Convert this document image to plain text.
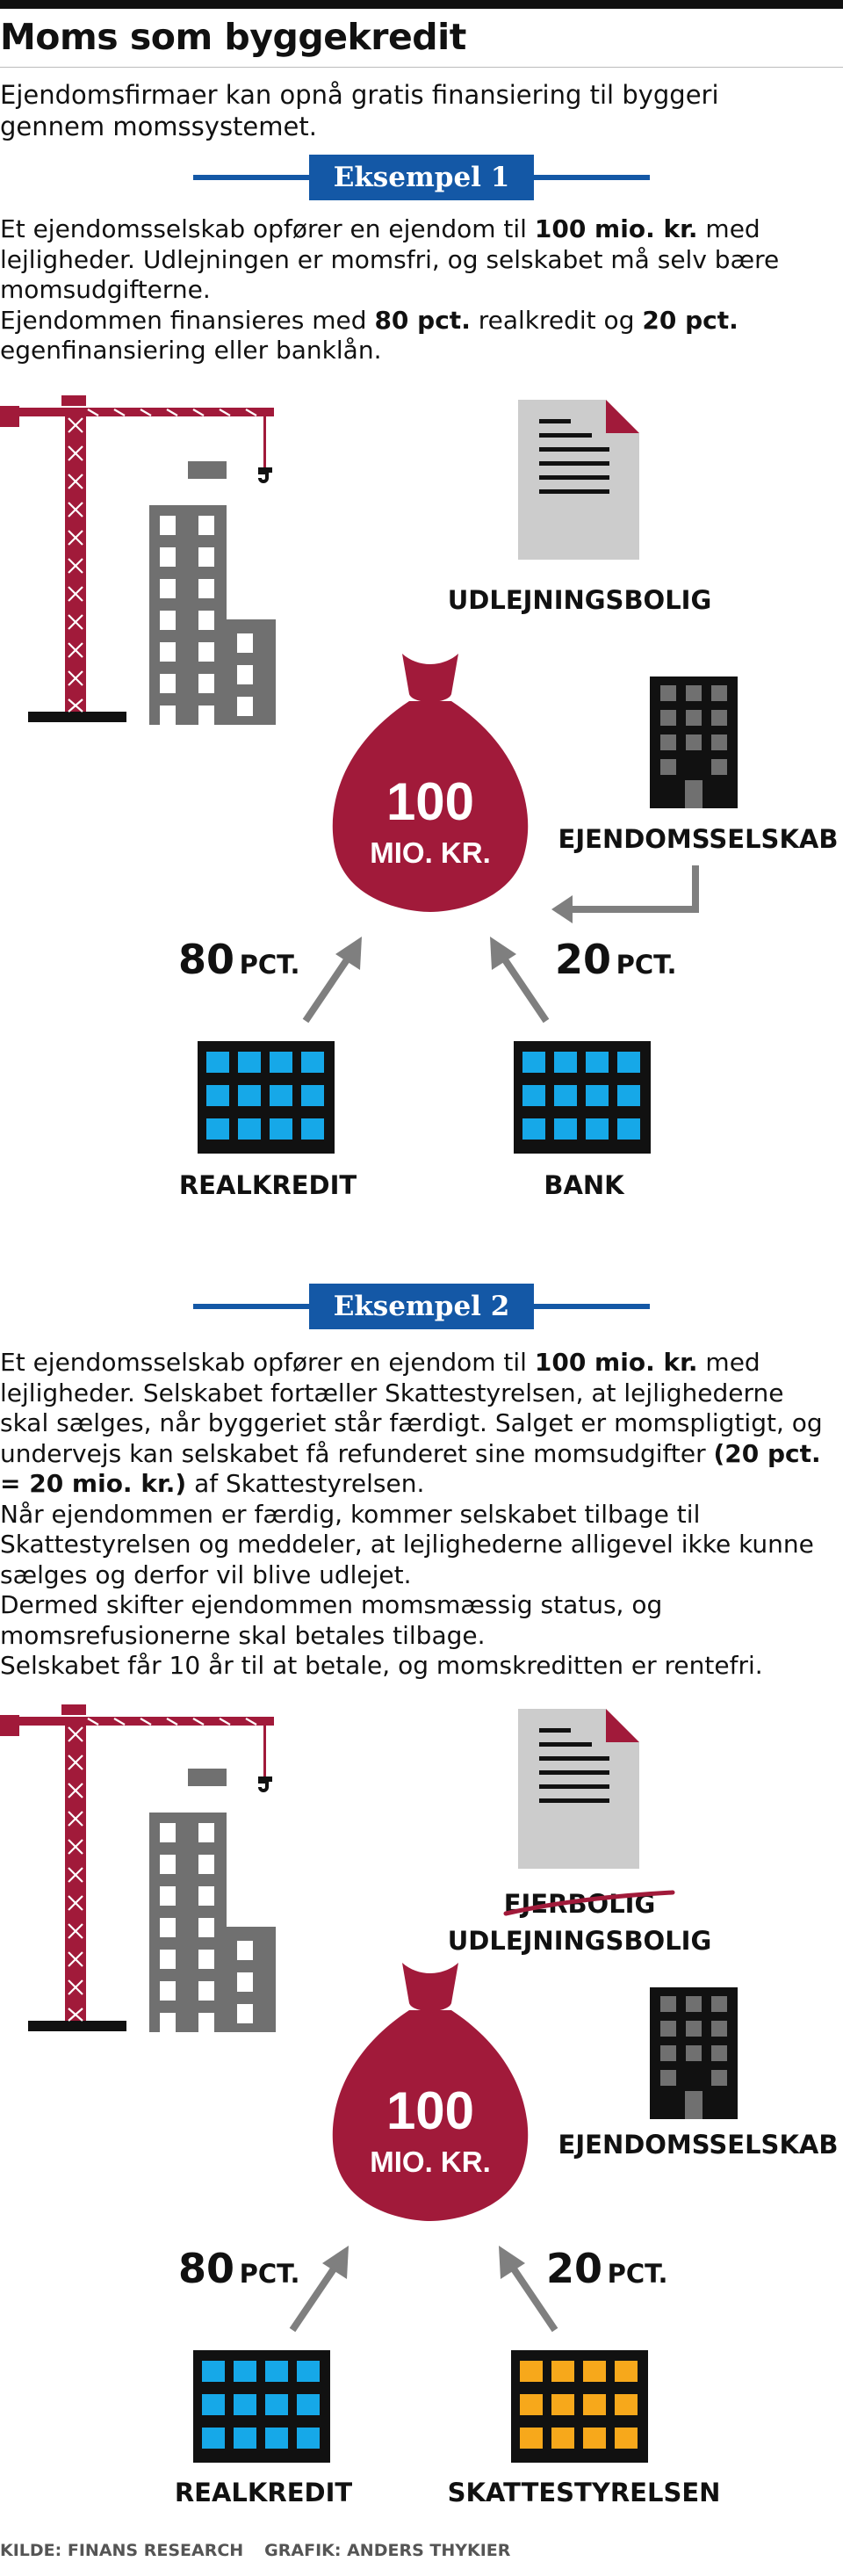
Moms som byggekredit
Ejendomsfirmaer kan opnå gratis finansiering til byggeri gennem momssystemet.
Eksempel 1

Et ejendomsselskab opfører en ejendom til 100 mio. kr. med lejligheder. Udlejningen er momsfri, og selskabet må selv bære momsudgifterne.

Ejendommen finansieres med 80 pct. realkredit og 20 pct. egenfinansiering eller banklån.

UDLEJNINGSBOLIG
100
MIO. KR.	EJENDOMSSELSKAB
80 PCT.	20 PCT.
REALKREDIT	BANK
Eksempel 2

Et ejendomsselskab opfører en ejendom til 100 mio. kr. med lejligheder. Selskabet fortæller Skattestyrelsen, at lejlighederne skal sælges, når byggeriet står færdigt. Salget er momspligtigt, og undervejs kan selskabet få refunderet sine momsudgifter (20 pct. = 20 mio. kr.) af Skattestyrelsen.

Når ejendommen er færdig, kommer selskabet tilbage til Skattestyrelsen og meddeler, at lejlighederne alligevel ikke kunne sælges og derfor vil blive udlejet.

Dermed skifter ejendommen momsmæssig status, og momsrefusionerne skal betales tilbage.

Selskabet får 10 år til at betale, og momskreditten er rentefri.

EJERBOLIG
UDLEJNINGSBOLIG
100
MIO. KR.
EJENDOMSSELSKAB
80 PCT.	20 PCT.
REALKREDIT	SKATTESTYRELSEN
KILDE: FINANS RESEARCH GRAFIK: ANDERS THYKIER
